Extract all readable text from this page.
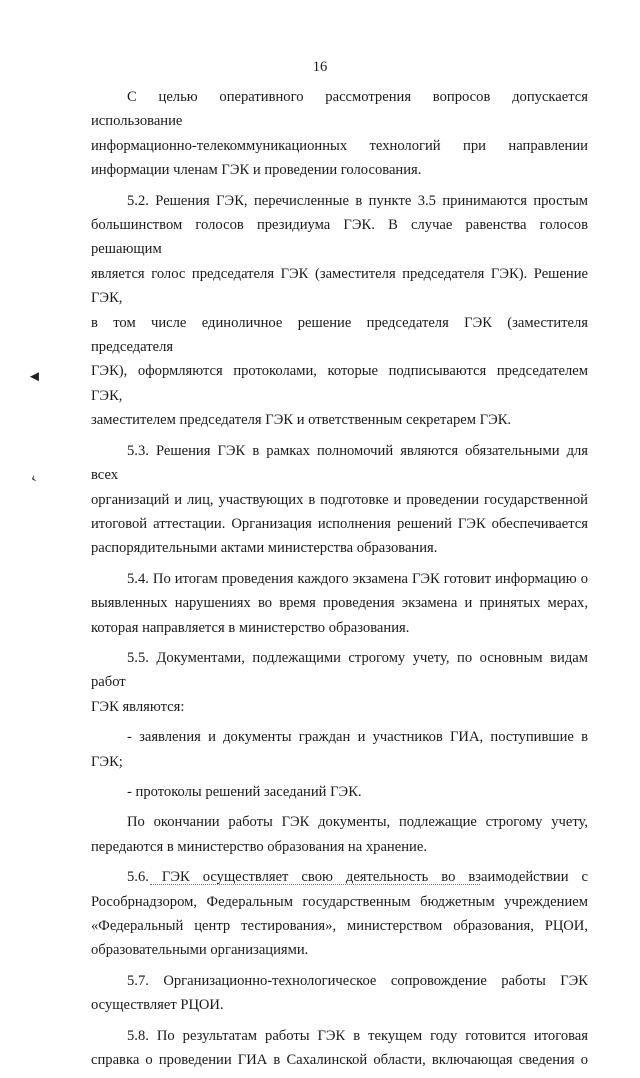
16

С целью оперативного рассмотрения вопросов допускается использование
информационно-телекоммуникационных технологий при направлении
информации членам ГЭК и проведении голосования.

5.2. Решения ГЭК, перечисленные в пункте 3.5 принимаются простым
большинством голосов президиума ГЭК. В случае равенства голосов решающим
является голос председателя ГЭК (заместителя председателя ГЭК). Решение ГЭК,
в том числе единоличное решение председателя ГЭК (заместителя председателя
ГЭК), оформляются протоколами, которые подписываются председателем ГЭК,
заместителем председателя ГЭК и ответственным секретарем ГЭК.

5.3. Решения ГЭК в рамках полномочий являются обязательными для всех
организаций и лиц, участвующих в подготовке и проведении государственной
итоговой аттестации. Организация исполнения решений ГЭК обеспечивается
распорядительными актами министерства образования.

5.4. По итогам проведения каждого экзамена ГЭК готовит информацию о
выявленных нарушениях во время проведения экзамена и принятых мерах,
которая направляется в министерство образования.

5.5. Документами, подлежащими строгому учету, по основным видам работ
ГЭК являются:

- заявления и документы граждан и участников ГИА, поступившие в ГЭК;

- протоколы решений заседаний ГЭК.

По окончании работы ГЭК документы, подлежащие строгому учету,
передаются в министерство образования на хранение.

5.6. ГЭК осуществляет свою деятельность во взаимодействии с
Рособрнадзором, Федеральным государственным бюджетным учреждением
«Федеральный центр тестирования», министерством образования, РЦОИ,
образовательными организациями.

5.7. Организационно-технологическое сопровождение работы ГЭК
осуществляет РЦОИ.

5.8. По результатам работы ГЭК в текущем году готовится итоговая
справка о проведении ГИА в Сахалинской области, включающая сведения о

◄
‹
